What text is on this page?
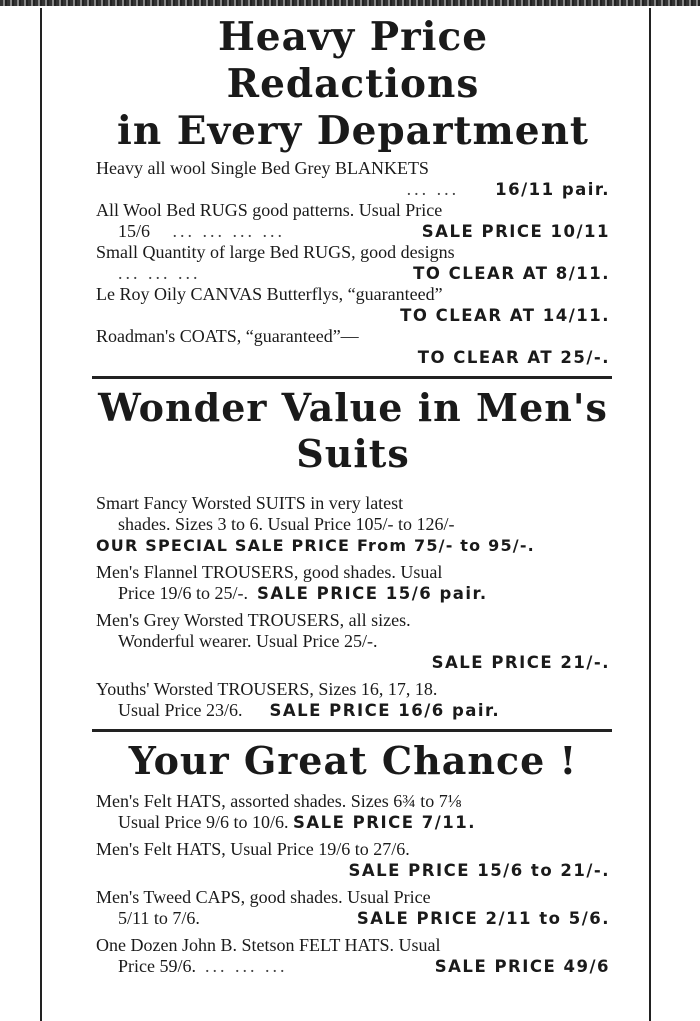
Heavy Price Redactions

in Every Department

Heavy all wool Single Bed Grey BLANKETS
... ... 16/11 pair.

All Wool Bed RUGS good patterns. Usual Price
15/6 ... ... ... ...	SALE PRICE 10/11

Small Quantity of large Bed RUGS, good designs
... ... ...	TO CLEAR AT 8/11.

Le Roy Oily CANVAS Butterflys, “guaranteed”
TO CLEAR AT 14/11.

Roadman's COATS, “guaranteed”—
TO CLEAR AT 25/-.

Wonder Value in Men's

Suits

Smart Fancy Worsted SUITS in very latest
shades. Sizes 3 to 6. Usual Price 105/- to 126/-
OUR SPECIAL SALE PRICE From 75/- to 95/-.

Men's Flannel TROUSERS, good shades. Usual
Price 19/6 to 25/-. SALE PRICE 15/6 pair.

Men's Grey Worsted TROUSERS, all sizes.
Wonderful wearer. Usual Price 25/-.
SALE PRICE 21/-.

Youths' Worsted TROUSERS, Sizes 16, 17, 18.
Usual Price 23/6. SALE PRICE 16/6 pair.

Your Great Chance !

Men's Felt HATS, assorted shades. Sizes 6¾ to 7⅛
Usual Price 9/6 to 10/6. SALE PRICE 7/11.

Men's Felt HATS, Usual Price 19/6 to 27/6.
SALE PRICE 15/6 to 21/-.

Men's Tweed CAPS, good shades. Usual Price
5/11 to 7/6.	SALE PRICE 2/11 to 5/6.

One Dozen John B. Stetson FELT HATS. Usual
Price 59/6. ... ... ...	SALE PRICE 49/6
